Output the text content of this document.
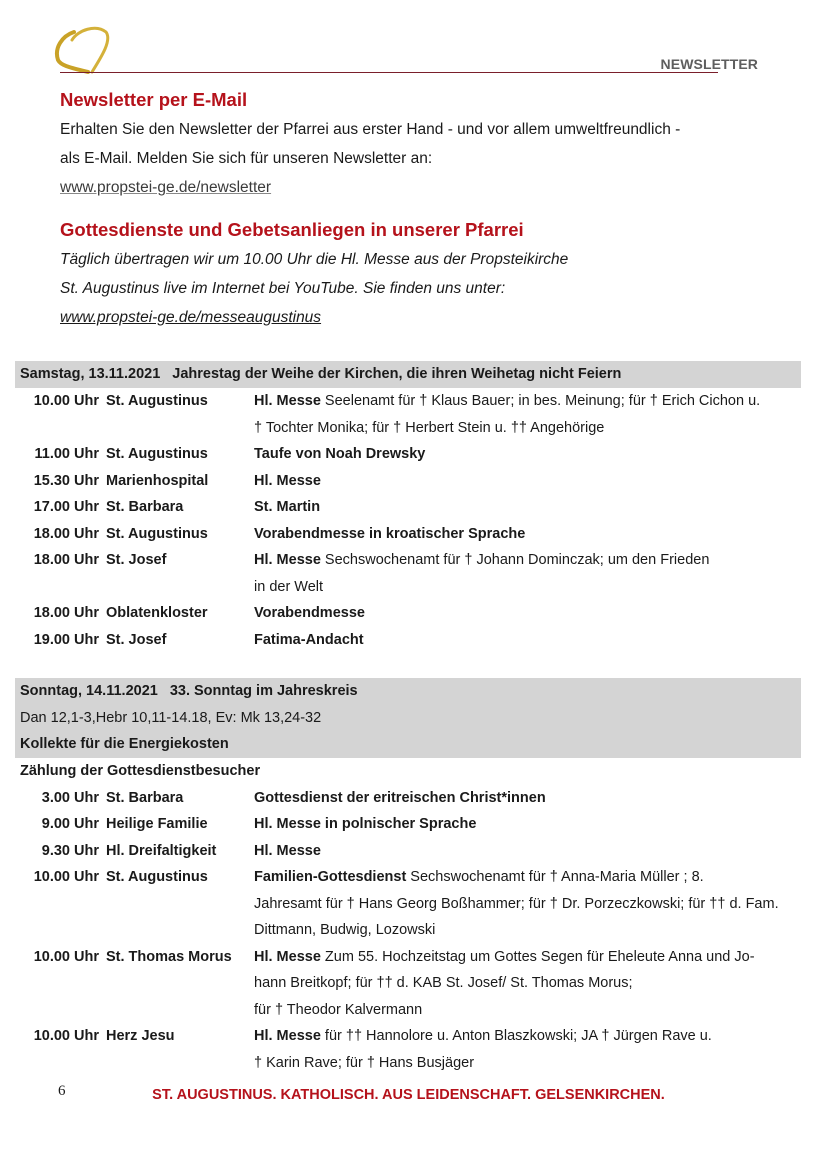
NEWSLETTER
Newsletter per E-Mail
Erhalten Sie den Newsletter der Pfarrei aus erster Hand - und vor allem umweltfreundlich -
als E-Mail. Melden Sie sich für unseren Newsletter an:
www.propstei-ge.de/newsletter
Gottesdienste und Gebetsanliegen in unserer Pfarrei
Täglich übertragen wir um 10.00 Uhr die Hl. Messe aus der Propsteikirche
St. Augustinus live im Internet bei YouTube. Sie finden uns unter:
www.propstei-ge.de/messeaugustinus
Samstag, 13.11.2021 Jahrestag der Weihe der Kirchen, die ihren Weihetag nicht Feiern
10.00 Uhr St. Augustinus	Hl. Messe Seelenamt für † Klaus Bauer; in bes. Meinung; für † Erich Cichon u.
† Tochter Monika; für † Herbert Stein u. †† Angehörige
11.00 Uhr St. Augustinus	Taufe von Noah Drewsky
15.30 Uhr Marienhospital	Hl. Messe
17.00 Uhr St. Barbara	St. Martin
18.00 Uhr St. Augustinus	Vorabendmesse in kroatischer Sprache
18.00 Uhr St. Josef	Hl. Messe Sechswochenamt für † Johann Dominczak; um den Frieden
in der Welt
18.00 Uhr Oblatenkloster	Vorabendmesse
19.00 Uhr St. Josef	Fatima-Andacht
Sonntag, 14.11.2021 33. Sonntag im Jahreskreis
Dan 12,1-3,Hebr 10,11-14.18, Ev: Mk 13,24-32
Kollekte für die Energiekosten
Zählung der Gottesdienstbesucher
3.00 Uhr St. Barbara	Gottesdienst der eritreischen Christ*innen
9.00 Uhr Heilige Familie	Hl. Messe in polnischer Sprache
9.30 Uhr Hl. Dreifaltigkeit	Hl. Messe
10.00 Uhr St. Augustinus	Familien-Gottesdienst Sechswochenamt für † Anna-Maria Müller ; 8.
Jahresamt für † Hans Georg Boßhammer; für † Dr. Porzeczkowski; für †† d. Fam.
Dittmann, Budwig, Lozowski
10.00 Uhr St. Thomas Morus	Hl. Messe Zum 55. Hochzeitstag um Gottes Segen für Eheleute Anna und Jo-
hann Breitkopf; für †† d. KAB St. Josef/ St. Thomas Morus;
für † Theodor Kalvermann
10.00 Uhr Herz Jesu	Hl. Messe für †† Hannolore u. Anton Blaszkowski; JA † Jürgen Rave u.
† Karin Rave; für † Hans Busjäger
6	ST. AUGUSTINUS. KATHOLISCH. AUS LEIDENSCHAFT. GELSENKIRCHEN.
